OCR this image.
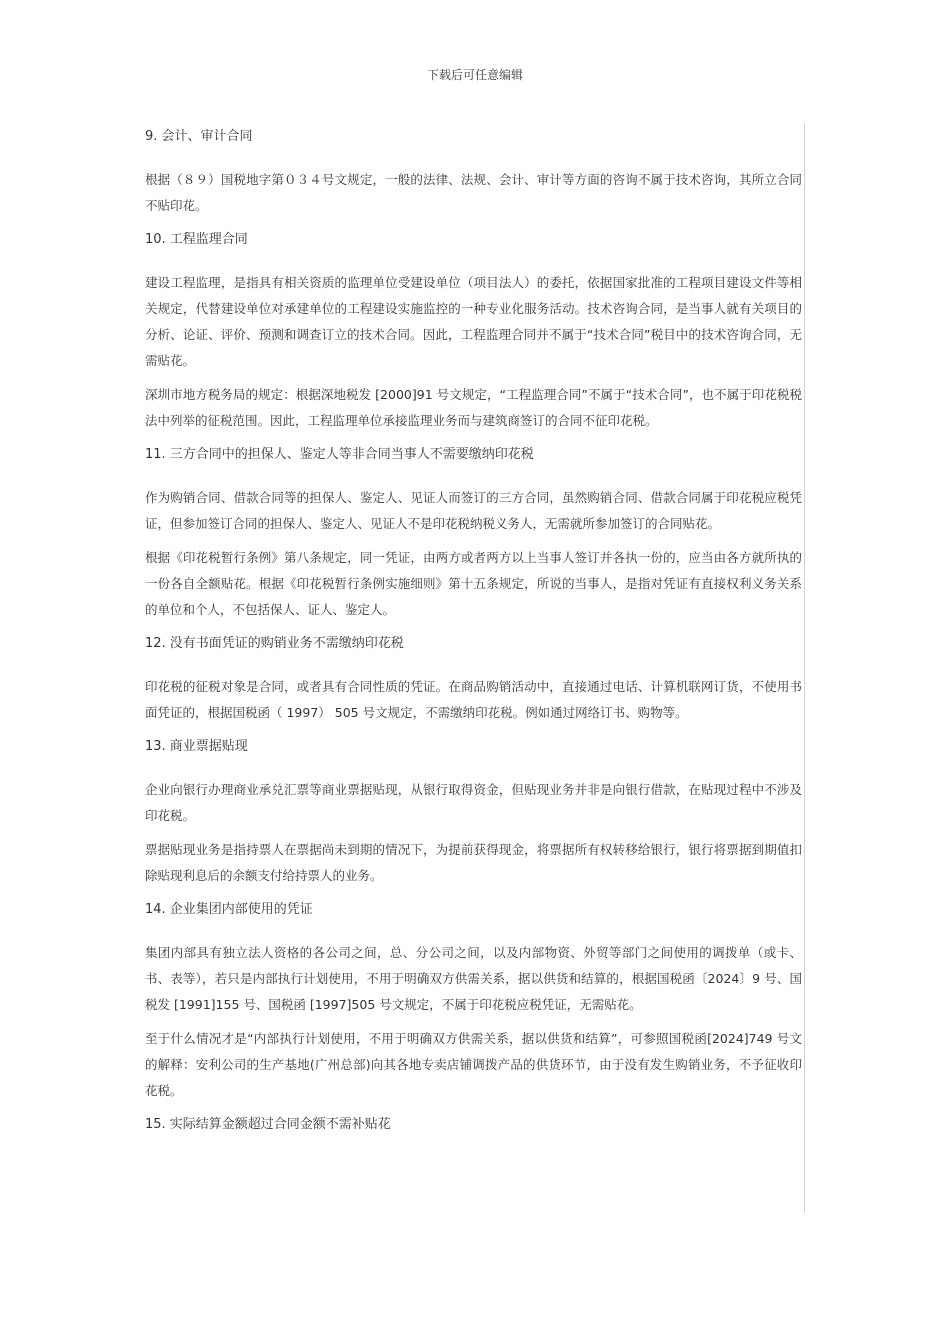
下载后可任意编辑
9. 会计、审计合同

根据（８９）国税地字第０３４号文规定，一般的法律、法规、会计、审计等方面的咨询不属于技术咨询，其所立合同不贴印花。

10. 工程监理合同

建设工程监理，是指具有相关资质的监理单位受建设单位（项目法人）的委托，依据国家批准的工程项目建设文件等相关规定，代替建设单位对承建单位的工程建设实施监控的一种专业化服务活动。技术咨询合同，是当事人就有关项目的分析、论证、评价、预测和调查订立的技术合同。因此，工程监理合同并不属于“技术合同”税目中的技术咨询合同，无需贴花。

深圳市地方税务局的规定：根据深地税发 [2000]91 号文规定，“工程监理合同”不属于“技术合同”，也不属于印花税税法中列举的征税范围。因此，工程监理单位承接监理业务而与建筑商签订的合同不征印花税。

11. 三方合同中的担保人、鉴定人等非合同当事人不需要缴纳印花税

作为购销合同、借款合同等的担保人、鉴定人、见证人而签订的三方合同，虽然购销合同、借款合同属于印花税应税凭证，但参加签订合同的担保人、鉴定人、见证人不是印花税纳税义务人，无需就所参加签订的合同贴花。

根据《印花税暂行条例》第八条规定，同一凭证，由两方或者两方以上当事人签订并各执一份的，应当由各方就所执的一份各自全额贴花。根据《印花税暂行条例实施细则》第十五条规定，所说的当事人，是指对凭证有直接权利义务关系的单位和个人，不包括保人、证人、鉴定人。

12. 没有书面凭证的购销业务不需缴纳印花税

印花税的征税对象是合同，或者具有合同性质的凭证。在商品购销活动中，直接通过电话、计算机联网订货，不使用书面凭证的，根据国税函（ 1997） 505 号文规定，不需缴纳印花税。例如通过网络订书、购物等。

13. 商业票据贴现

企业向银行办理商业承兑汇票等商业票据贴现，从银行取得资金，但贴现业务并非是向银行借款，在贴现过程中不涉及印花税。

票据贴现业务是指持票人在票据尚未到期的情况下，为提前获得现金，将票据所有权转移给银行，银行将票据到期值扣除贴现利息后的余额支付给持票人的业务。

14. 企业集团内部使用的凭证

集团内部具有独立法人资格的各公司之间，总、分公司之间，以及内部物资、外贸等部门之间使用的调拨单（或卡、书、表等），若只是内部执行计划使用，不用于明确双方供需关系，据以供货和结算的，根据国税函〔2024〕9 号、国税发 [1991]155 号、国税函 [1997]505 号文规定，不属于印花税应税凭证，无需贴花。

至于什么情况才是“内部执行计划使用，不用于明确双方供需关系，据以供货和结算”，可参照国税函[2024]749 号文的解释：安利公司的生产基地(广州总部)向其各地专卖店铺调拨产品的供货环节，由于没有发生购销业务，不予征收印花税。

15. 实际结算金额超过合同金额不需补贴花
